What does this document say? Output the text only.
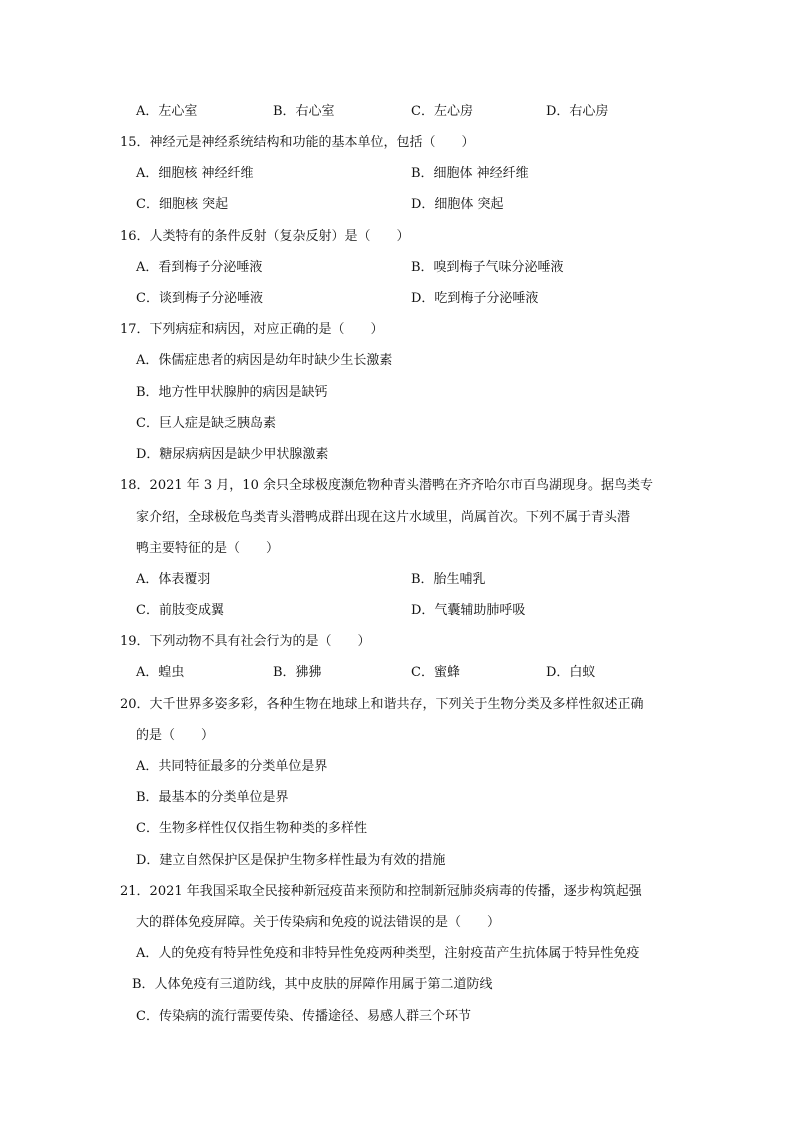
A．左心室	B．右心室	C．左心房	D．右心房
15．神经元是神经系统结构和功能的基本单位，包括（　　）
A．细胞核 神经纤维	B．细胞体 神经纤维
C．细胞核 突起	D．细胞体 突起
16．人类特有的条件反射（复杂反射）是（　　）
A．看到梅子分泌唾液	B．嗅到梅子气味分泌唾液
C．谈到梅子分泌唾液	D．吃到梅子分泌唾液
17．下列病症和病因，对应正确的是（　　）
A．侏儒症患者的病因是幼年时缺少生长激素
B．地方性甲状腺肿的病因是缺钙
C．巨人症是缺乏胰岛素
D．糖尿病病因是缺少甲状腺激素
18．2021 年 3 月，10 余只全球极度濒危物种青头潜鸭在齐齐哈尔市百鸟湖现身。据鸟类专
家介绍，全球极危鸟类青头潜鸭成群出现在这片水域里，尚属首次。下列不属于青头潜
鸭主要特征的是（　　）
A．体表覆羽	B．胎生哺乳
C．前肢变成翼	D．气囊辅助肺呼吸
19．下列动物不具有社会行为的是（　　）
A．蝗虫	B．狒狒	C．蜜蜂	D．白蚁
20．大千世界多姿多彩，各种生物在地球上和谐共存，下列关于生物分类及多样性叙述正确
的是（　　）
A．共同特征最多的分类单位是界
B．最基本的分类单位是界
C．生物多样性仅仅指生物种类的多样性
D．建立自然保护区是保护生物多样性最为有效的措施
21．2021 年我国采取全民接种新冠疫苗来预防和控制新冠肺炎病毒的传播，逐步构筑起强
大的群体免疫屏障。关于传染病和免疫的说法错误的是（　　）
A．人的免疫有特异性免疫和非特异性免疫两种类型，注射疫苗产生抗体属于特异性免疫
B．人体免疫有三道防线，其中皮肤的屏障作用属于第二道防线
C．传染病的流行需要传染、传播途径、易感人群三个环节
